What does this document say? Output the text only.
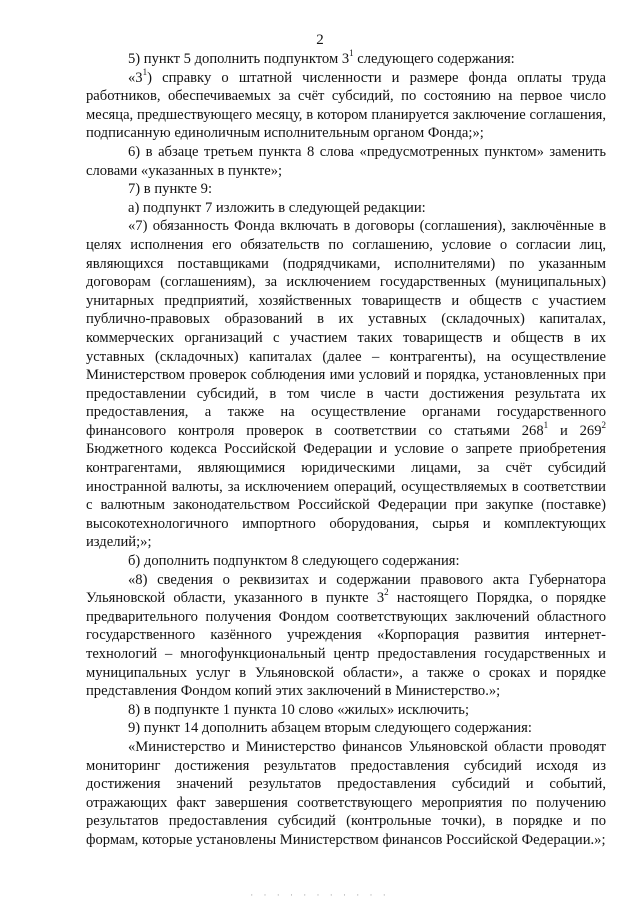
2

5) пункт 5 дополнить подпунктом $3^1$ следующего содержания:

«$3^1$) справку о штатной численности и размере фонда оплаты труда работников, обеспечиваемых за счёт субсидий, по состоянию на первое число месяца, предшествующего месяцу, в котором планируется заключение соглашения, подписанную единоличным исполнительным органом Фонда;»;

6) в абзаце третьем пункта 8 слова «предусмотренных пунктом» заменить словами «указанных в пункте»;

7) в пункте 9:

а) подпункт 7 изложить в следующей редакции:

«7) обязанность Фонда включать в договоры (соглашения), заключённые в целях исполнения его обязательств по соглашению, условие о согласии лиц, являющихся поставщиками (подрядчиками, исполнителями) по указанным договорам (соглашениям), за исключением государственных (муниципальных) унитарных предприятий, хозяйственных товариществ и обществ с участием публично-правовых образований в их уставных (складочных) капиталах, коммерческих организаций с участием таких товариществ и обществ в их уставных (складочных) капиталах (далее – контрагенты), на осуществление Министерством проверок соблюдения ими условий и порядка, установленных при предоставлении субсидий, в том числе в части достижения результата их предоставления, а также на осуществление органами государственного финансового контроля проверок в соответствии со статьями $268^1$ и $269^2$ Бюджетного кодекса Российской Федерации и условие о запрете приобретения контрагентами, являющимися юридическими лицами, за счёт субсидий иностранной валюты, за исключением операций, осуществляемых в соответствии с валютным законодательством Российской Федерации при закупке (поставке) высокотехнологичного импортного оборудования, сырья и комплектующих изделий;»;

б) дополнить подпунктом 8 следующего содержания:

«8) сведения о реквизитах и содержании правового акта Губернатора Ульяновской области, указанного в пункте $3^2$ настоящего Порядка, о порядке предварительного получения Фондом соответствующих заключений областного государственного казённого учреждения «Корпорация развития интернет-технологий – многофункциональный центр предоставления государственных и муниципальных услуг в Ульяновской области», а также о сроках и порядке представления Фондом копий этих заключений в Министерство.»;

8) в подпункте 1 пункта 10 слово «жилых» исключить;

9) пункт 14 дополнить абзацем вторым следующего содержания:

«Министерство и Министерство финансов Ульяновской области проводят мониторинг достижения результатов предоставления субсидий исходя из достижения значений результатов предоставления субсидий и событий, отражающих факт завершения соответствующего мероприятия по получению результатов предоставления субсидий (контрольные точки), в порядке и по формам, которые установлены Министерством финансов Российской Федерации.»;

· · · · · · · · · · ·
